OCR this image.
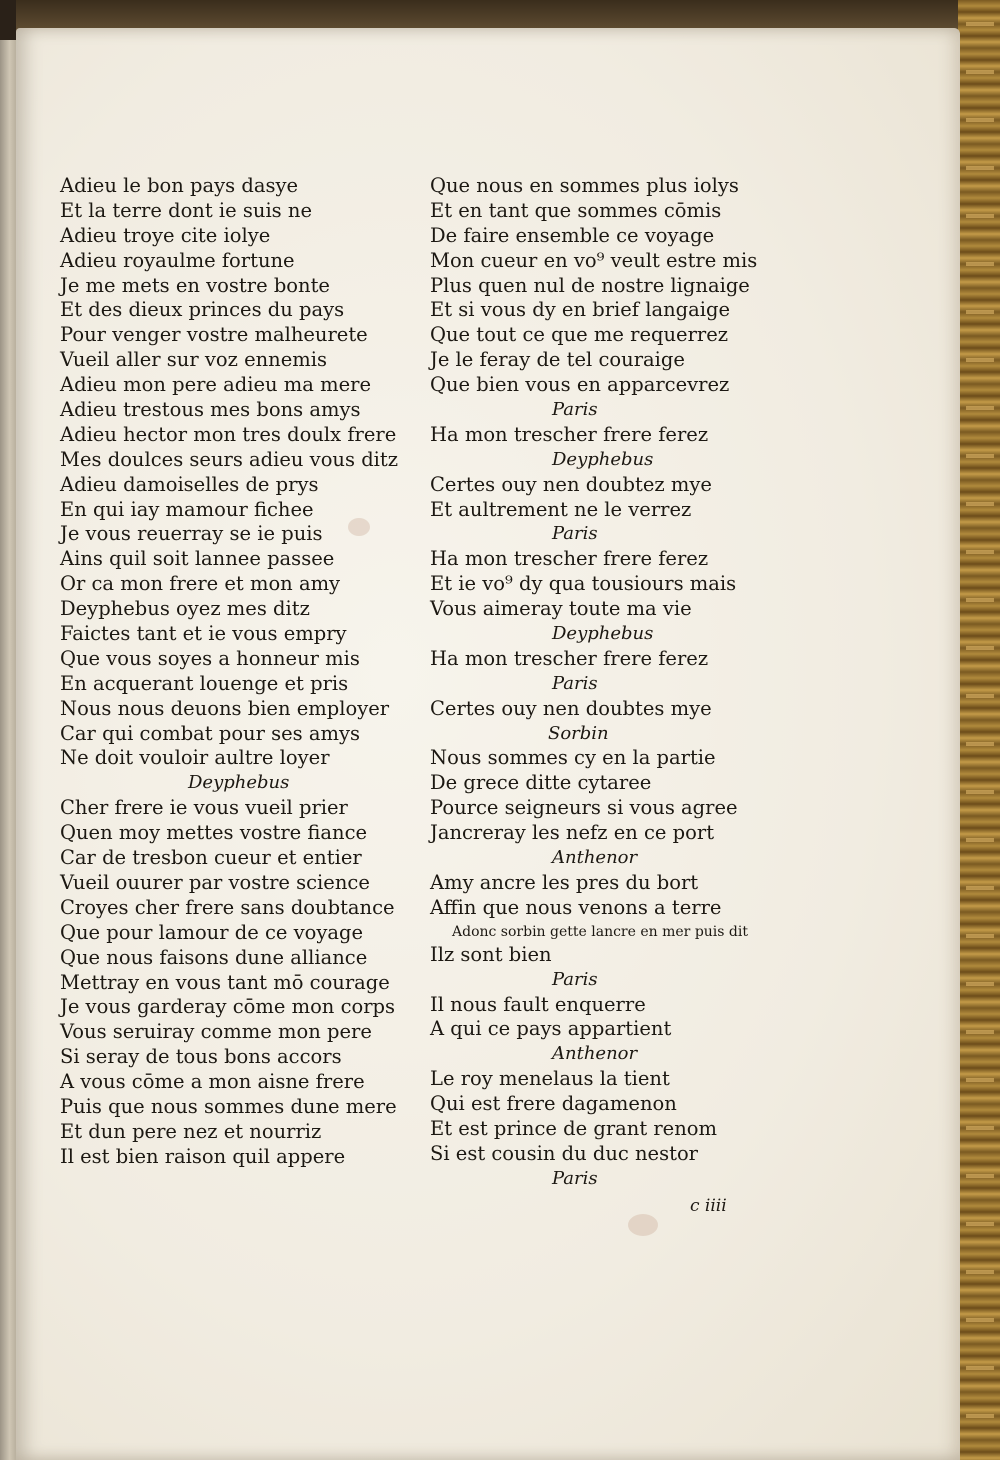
Adieu le bon pays dasye
Et la terre dont ie suis ne
Adieu troye cite iolye
Adieu royaulme fortune
Je me mets en vostre bonte
Et des dieux princes du pays
Pour venger vostre malheurete
Vueil aller sur voz ennemis
Adieu mon pere adieu ma mere
Adieu trestous mes bons amys
Adieu hector mon tres doulx frere
Mes doulces seurs adieu vous ditz
Adieu damoiselles de prys
En qui iay mamour fichee
Je vous reuerray se ie puis
Ains quil soit lannee passee
Or ca mon frere et mon amy
Deyphebus oyez mes ditz
Faictes tant et ie vous empry
Que vous soyes a honneur mis
En acquerant louenge et pris
Nous nous deuons bien employer
Car qui combat pour ses amys
Ne doit vouloir aultre loyer
Deyphebus
Cher frere ie vous vueil prier
Quen moy mettes vostre fiance
Car de tresbon cueur et entier
Vueil ouurer par vostre science
Croyes cher frere sans doubtance
Que pour lamour de ce voyage
Que nous faisons dune alliance
Mettray en vous tant mō courage
Je vous garderay cōme mon corps
Vous seruiray comme mon pere
Si seray de tous bons accors
A vous cōme a mon aisne frere
Puis que nous sommes dune mere
Et dun pere nez et nourriz
Il est bien raison quil appere
Que nous en sommes plus iolys
Et en tant que sommes cōmis
De faire ensemble ce voyage
Mon cueur en vo⁹ veult estre mis
Plus quen nul de nostre lignaige
Et si vous dy en brief langaige
Que tout ce que me requerrez
Je le feray de tel couraige
Que bien vous en apparcevrez
Paris
Ha mon trescher frere ferez
Deyphebus
Certes ouy nen doubtez mye
Et aultrement ne le verrez
Paris
Ha mon trescher frere ferez
Et ie vo⁹ dy qua tousiours mais
Vous aimeray toute ma vie
Deyphebus
Ha mon trescher frere ferez
Paris
Certes ouy nen doubtes mye
Sorbin
Nous sommes cy en la partie
De grece ditte cytaree
Pource seigneurs si vous agree
Jancreray les nefz en ce port
Anthenor
Amy ancre les pres du bort
Affin que nous venons a terre
Adonc sorbin gette lancre en mer puis dit
Ilz sont bien
Paris
Il nous fault enquerre
A qui ce pays appartient
Anthenor
Le roy menelaus la tient
Qui est frere dagamenon
Et est prince de grant renom
Si est cousin du duc nestor
Paris
c iiii
